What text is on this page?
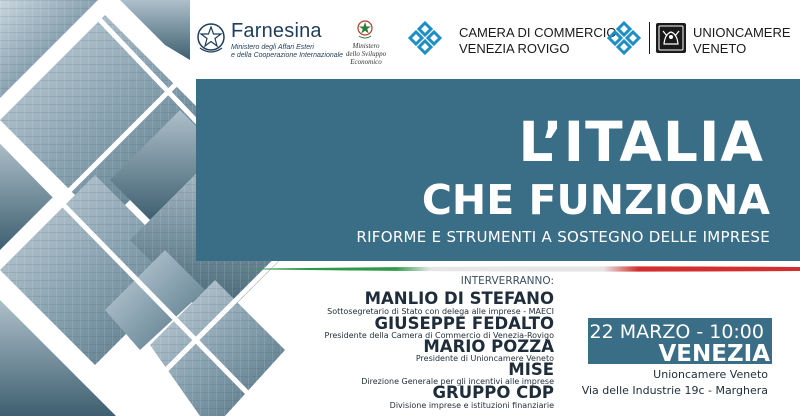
Farnesina
Ministero degli Affari Esteri
e della Cooperazione Internazionale
Ministero
dello Sviluppo Economico
CAMERA DI COMMERCIO
VENEZIA ROVIGO
UNIONCAMERE
VENETO
L’ITALIA
CHE FUNZIONA
RIFORME E STRUMENTI A SOSTEGNO DELLE IMPRESE
INTERVERRANNO:
MANLIO DI STEFANO
Sottosegretario di Stato con delega alle imprese - MAECI
GIUSEPPE FEDALTO
Presidente della Camera di Commercio di Venezia-Rovigo
MARIO POZZA
Presidente di Unioncamere Veneto
MISE
Direzione Generale per gli incentivi alle imprese
GRUPPO CDP
Divisione imprese e istituzioni finanziarie
22 MARZO - 10:00
VENEZIA
Unioncamere Veneto
Via delle Industrie 19c - Marghera
